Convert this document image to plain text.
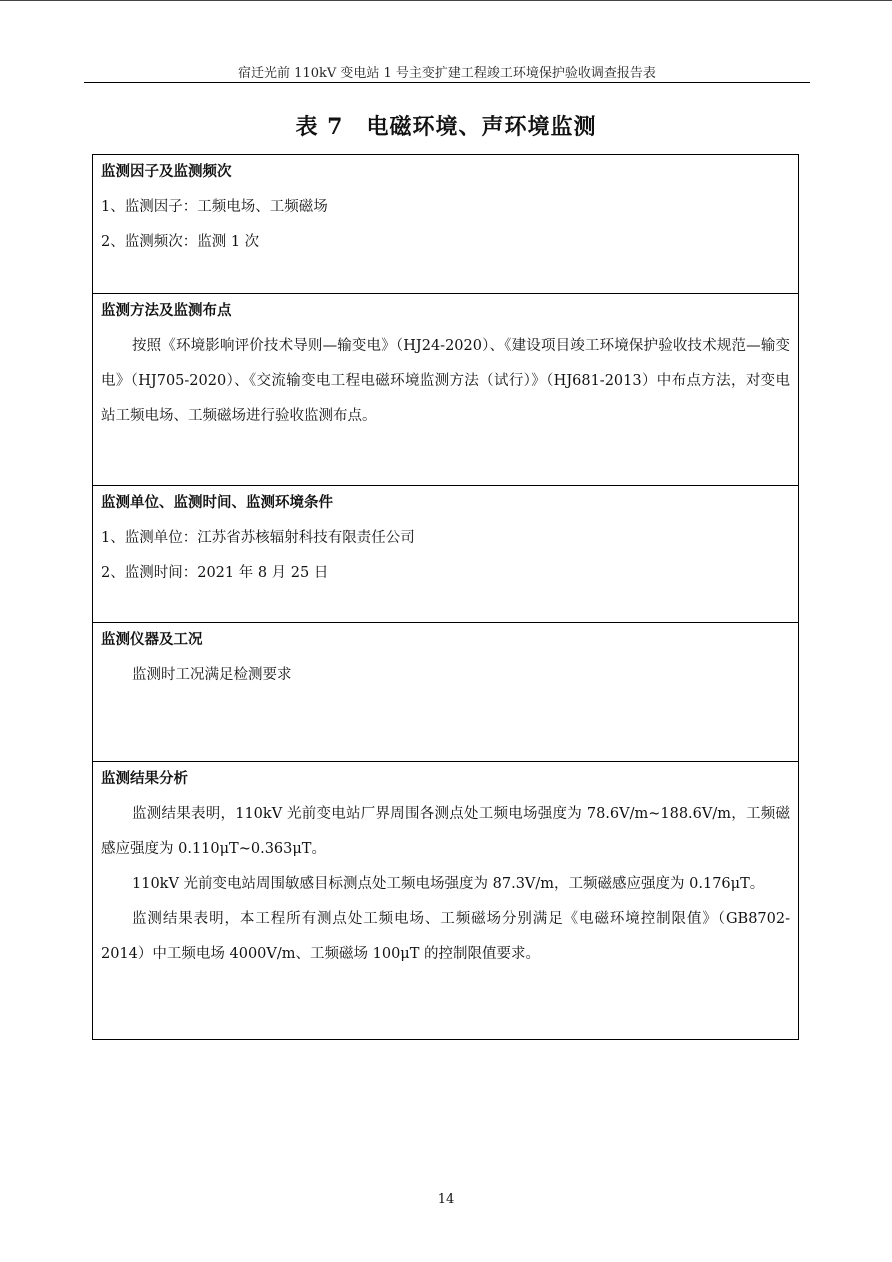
宿迁光前 110kV 变电站 1 号主变扩建工程竣工环境保护验收调查报告表
表 7　电磁环境、声环境监测
监测因子及监测频次
1、监测因子：工频电场、工频磁场
2、监测频次：监测 1 次
监测方法及监测布点
按照《环境影响评价技术导则—输变电》（HJ24-2020）、《建设项目竣工环境保护验收技术规范—输变电》（HJ705-2020）、《交流输变电工程电磁环境监测方法（试行）》（HJ681-2013）中布点方法，对变电站工频电场、工频磁场进行验收监测布点。
监测单位、监测时间、监测环境条件
1、监测单位：江苏省苏核辐射科技有限责任公司
2、监测时间：2021 年 8 月 25 日
监测仪器及工况
监测时工况满足检测要求
监测结果分析
监测结果表明，110kV 光前变电站厂界周围各测点处工频电场强度为 78.6V/m~188.6V/m，工频磁感应强度为 0.110μT~0.363μT。
110kV 光前变电站周围敏感目标测点处工频电场强度为 87.3V/m，工频磁感应强度为 0.176μT。
监测结果表明，本工程所有测点处工频电场、工频磁场分别满足《电磁环境控制限值》（GB8702-2014）中工频电场 4000V/m、工频磁场 100μT 的控制限值要求。
14
